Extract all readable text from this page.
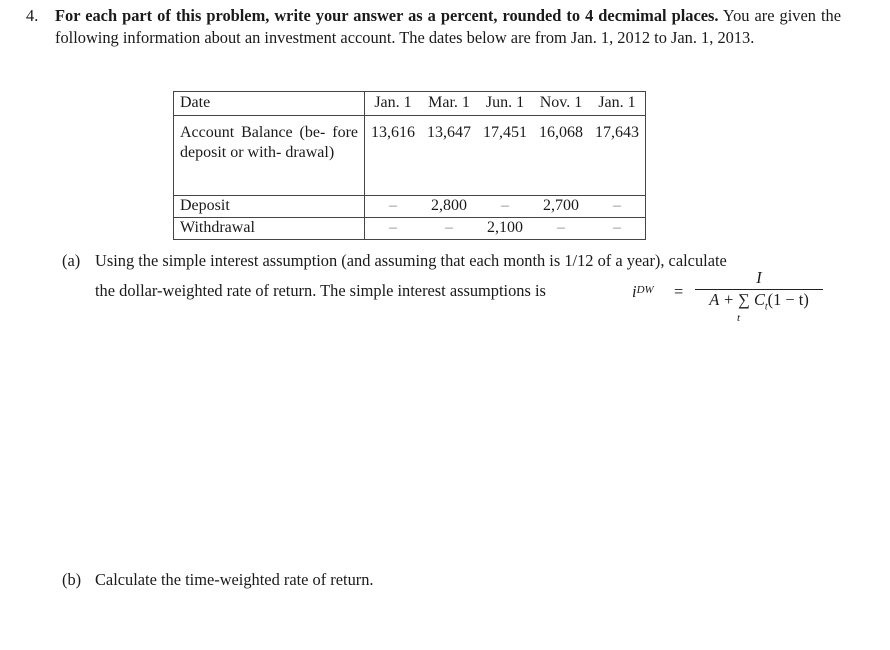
4. For each part of this problem, write your answer as a percent, rounded to 4 decmimal places. You are given the following information about an investment account. The dates below are from Jan. 1, 2012 to Jan. 1, 2013.
Date	Jan. 1	Mar. 1	Jun. 1	Nov. 1	Jan. 1

Account Balance (be- fore deposit or with- drawal)	13,616	13,647	17,451	16,068	17,643
Deposit	–	2,800	–	2,700	–
Withdrawal	–	–	2,100	–	–
(a) Using the simple interest assumption (and assuming that each month is 1/12 of a year), calculate
the dollar-weighted rate of return. The simple interest assumptions is	$i^{DW}$ =
I
A + ∑ $C_t(1 - t)$
t
(b) Calculate the time-weighted rate of return.
